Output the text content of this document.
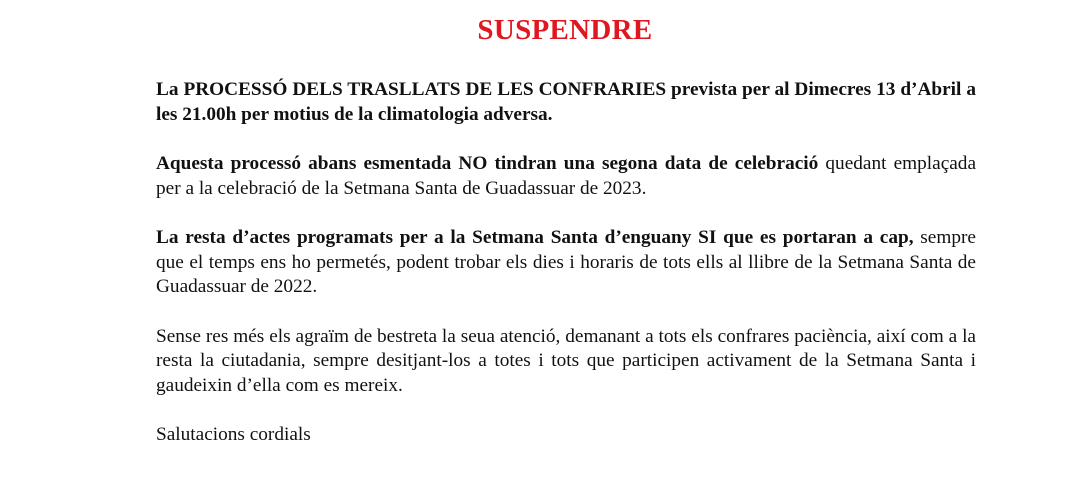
SUSPENDRE

La PROCESSÓ DELS TRASLLATS DE LES CONFRARIES prevista per al Dimecres 13 d’Abril a les 21.00h per motius de la climatologia adversa.

Aquesta processó abans esmentada NO tindran una segona data de celebració quedant emplaçada per a la celebració de la Setmana Santa de Guadassuar de 2023.

La resta d’actes programats per a la Setmana Santa d’enguany SI que es portaran a cap, sempre que el temps ens ho permetés, podent trobar els dies i horaris de tots ells al llibre de la Setmana Santa de Guadassuar de 2022.

Sense res més els agraïm de bestreta la seua atenció, demanant a tots els confrares paciència, així com a la resta la ciutadania, sempre desitjant-los a totes i tots que participen activament de la Setmana Santa i gaudeixin d’ella com es mereix.

Salutacions cordials
